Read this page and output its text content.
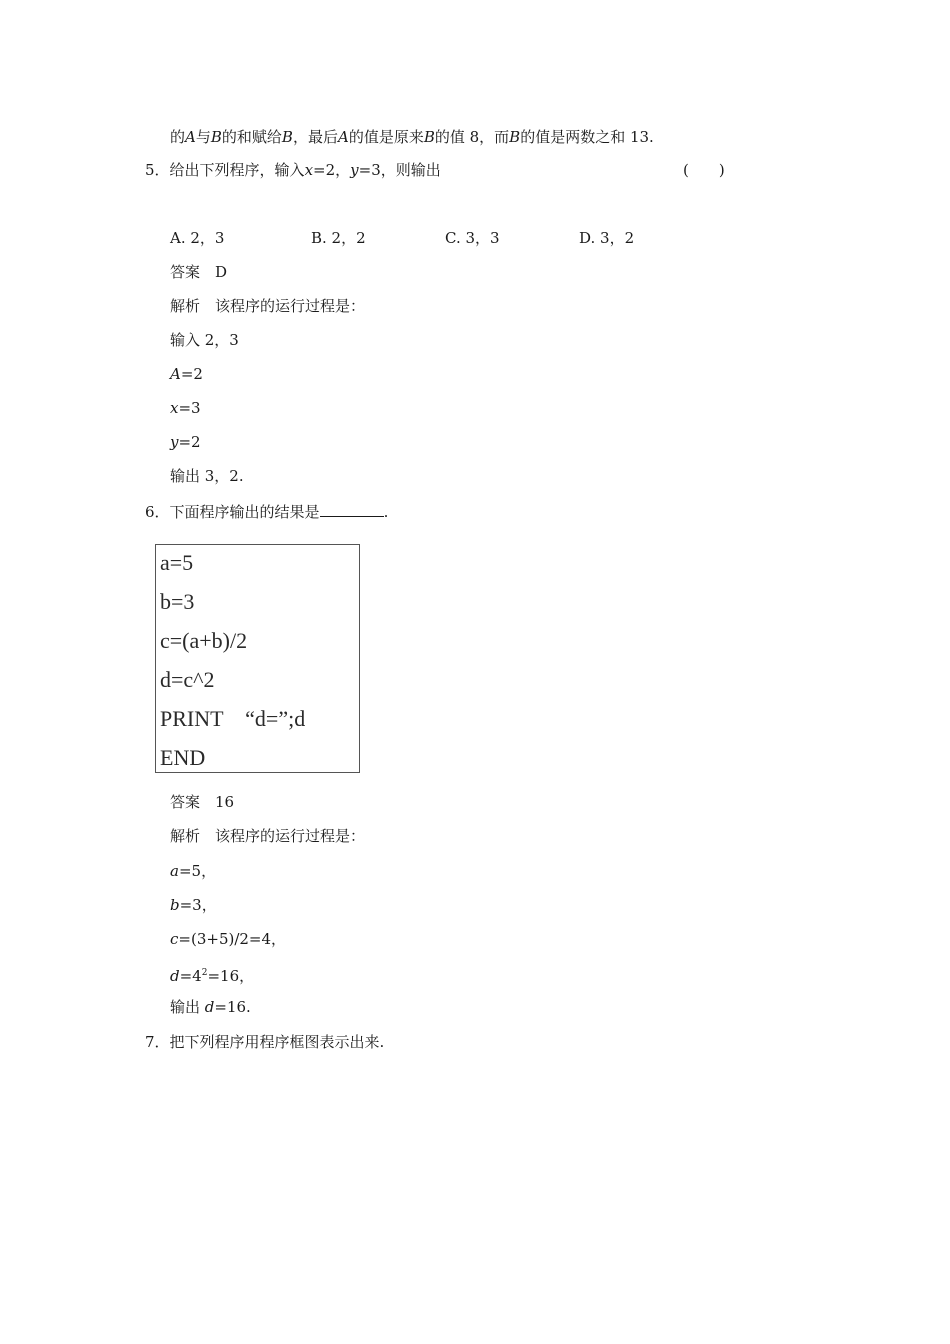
的A与B的和赋给B，最后A的值是原来B的值 8，而B的值是两数之和 13.
5．给出下列程序，输入x=2，y=3，则输出	(　　)
A. 2，3	B. 2，2	C. 3，3	D. 3，2
答案　D
解析　该程序的运行过程是：
输入 2，3
A=2
x=3
y=2
输出 3，2.
6．下面程序输出的结果是	.
a=5
b=3
c=(a+b)/2
d=c^2
PRINT　“d=”;d
END
答案　16
解析　该程序的运行过程是：
a=5，
b=3，
c=(3+5)/2=4，
$d=4^2=16$，
输出 d=16.
7．把下列程序用程序框图表示出来.
